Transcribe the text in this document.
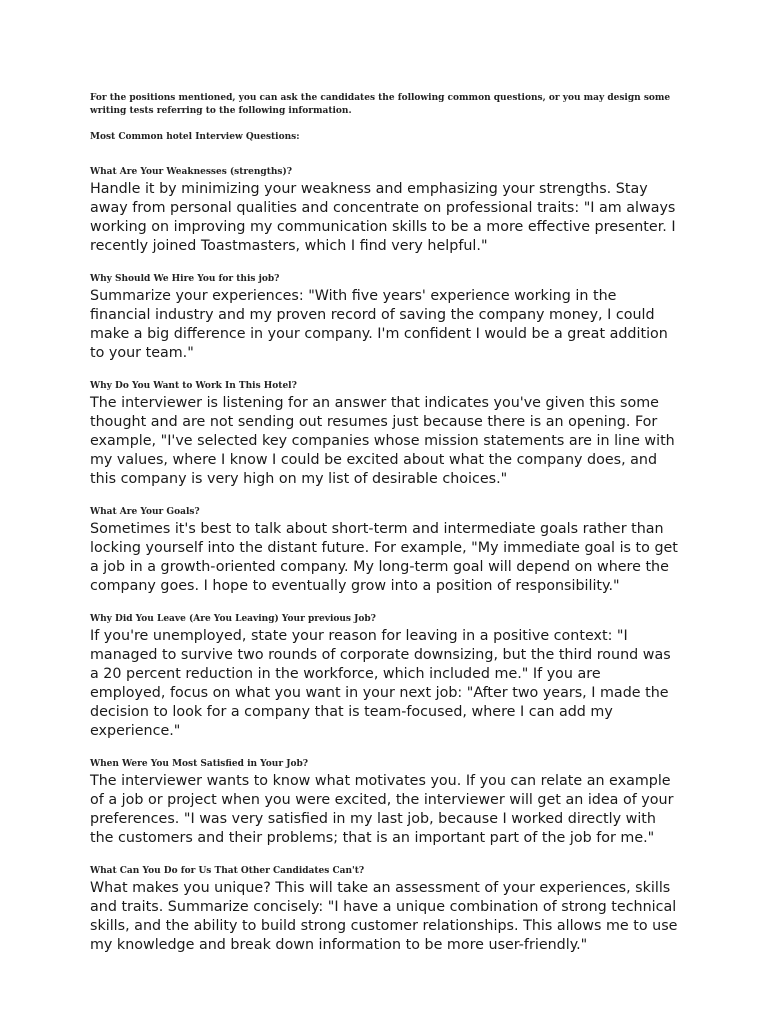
For the positions mentioned, you can ask the candidates the following common questions, or you may design some writing tests referring to the following information.

Most Common hotel Interview Questions:

What Are Your Weaknesses (strengths)?

Handle it by minimizing your weakness and emphasizing your strengths. Stay away from personal qualities and concentrate on professional traits: "I am always working on improving my communication skills to be a more effective presenter. I recently joined Toastmasters, which I find very helpful."

Why Should We Hire You for this job?

Summarize your experiences: "With five years' experience working in the financial industry and my proven record of saving the company money, I could make a big difference in your company. I'm confident I would be a great addition to your team."

Why Do You Want to Work In This Hotel?

The interviewer is listening for an answer that indicates you've given this some thought and are not sending out resumes just because there is an opening. For example, "I've selected key companies whose mission statements are in line with my values, where I know I could be excited about what the company does, and this company is very high on my list of desirable choices."

What Are Your Goals?

Sometimes it's best to talk about short-term and intermediate goals rather than locking yourself into the distant future. For example, "My immediate goal is to get a job in a growth-oriented company. My long-term goal will depend on where the company goes. I hope to eventually grow into a position of responsibility."

Why Did You Leave (Are You Leaving) Your previous Job?

If you're unemployed, state your reason for leaving in a positive context: "I managed to survive two rounds of corporate downsizing, but the third round was a 20 percent reduction in the workforce, which included me." If you are employed, focus on what you want in your next job: "After two years, I made the decision to look for a company that is team-focused, where I can add my experience."

When Were You Most Satisfied in Your Job?

The interviewer wants to know what motivates you. If you can relate an example of a job or project when you were excited, the interviewer will get an idea of your preferences. "I was very satisfied in my last job, because I worked directly with the customers and their problems; that is an important part of the job for me."

What Can You Do for Us That Other Candidates Can't?

What makes you unique? This will take an assessment of your experiences, skills and traits. Summarize concisely: "I have a unique combination of strong technical skills, and the ability to build strong customer relationships. This allows me to use my knowledge and break down information to be more user-friendly."
